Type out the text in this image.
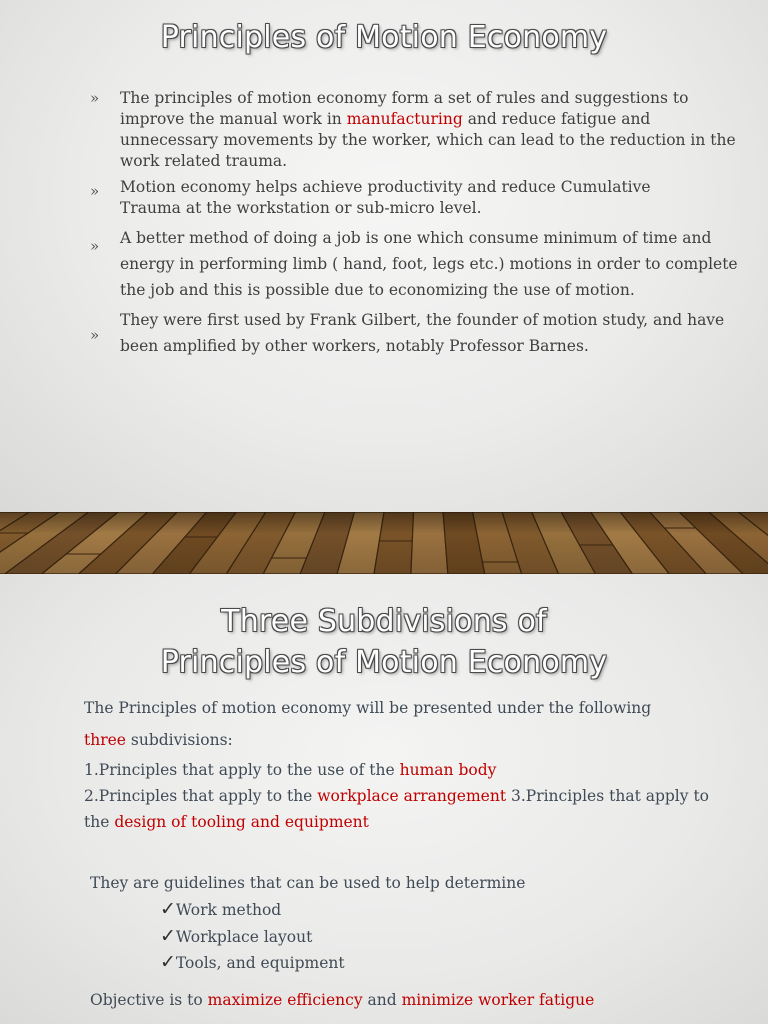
Principles of Motion Economy
» The principles of motion economy form a set of rules and suggestions to improve the manual work in manufacturing and reduce fatigue and unnecessary movements by the worker, which can lead to the reduction in the work related trauma.
» Motion economy helps achieve productivity and reduce Cumulative Trauma at the workstation or sub-micro level.
» A better method of doing a job is one which consume minimum of time and energy in performing limb ( hand, foot, legs etc.) motions in order to complete the job and this is possible due to economizing the use of motion.
»
They were first used by Frank Gilbert, the founder of motion study, and have been amplified by other workers, notably Professor Barnes.
Three Subdivisions of
Principles of Motion Economy
The Principles of motion economy will be presented under the following
three subdivisions:
1.Principles that apply to the use of the human body
2.Principles that apply to the workplace arrangement 3.Principles that apply to the design of tooling and equipment
They are guidelines that can be used to help determine
✓Work method
✓Workplace layout
✓Tools, and equipment
Objective is to maximize efficiency and minimize worker fatigue
